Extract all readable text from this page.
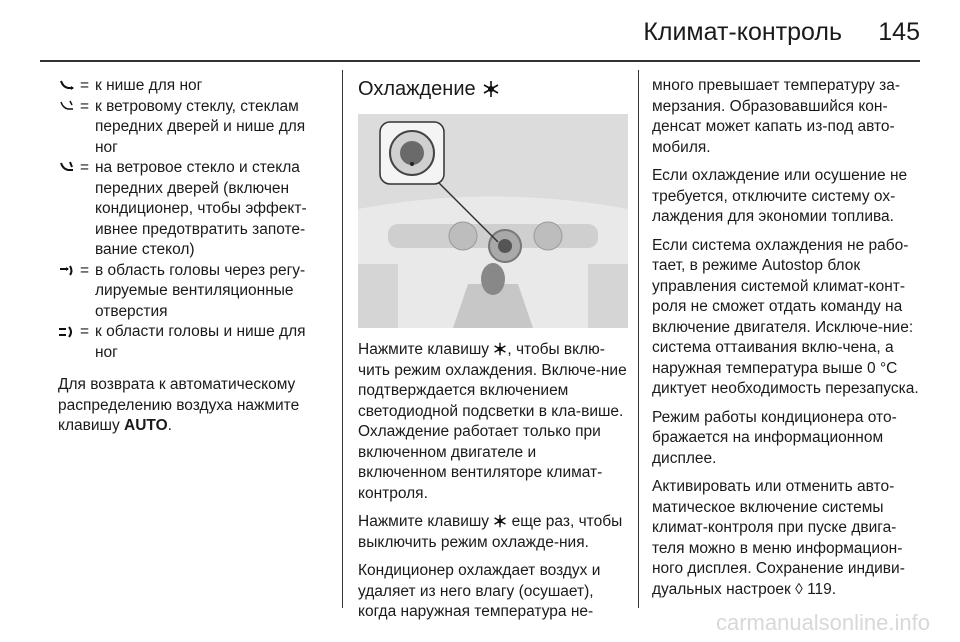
Климат-контроль 145
= к нише для ног
= к ветровому стеклу, стеклам передних дверей и нише для ног
= на ветровое стекло и стекла передних дверей (включен кондиционер, чтобы эффект-ивнее предотвратить запоте-вание стекол)
= в область головы через регу-лируемые вентиляционные отверстия
= к области головы и нише для ног

Для возврата к автоматическому распределению воздуха нажмите клавишу AUTO.

Охлаждение

Нажмите клавишу , чтобы вклю-чить режим охлаждения. Включе-ние подтверждается включением светодиодной подсветки в кла-више. Охлаждение работает только при включенном двигателе и включенном вентиляторе климат-контроля.

Нажмите клавишу  еще раз, чтобы выключить режим охлажде-ния.

Кондиционер охлаждает воздух и удаляет из него влагу (осушает), когда наружная температура не-

много превышает температуру за-мерзания. Образовавшийся кон-денсат может капать из-под авто-мобиля.

Если охлаждение или осушение не требуется, отключите систему ох-лаждения для экономии топлива.

Если система охлаждения не рабо-тает, в режиме Autostop блок управления системой климат-конт-роля не сможет отдать команду на включение двигателя. Исключе-ние: система оттаивания вклю-чена, а наружная температура выше 0 °C диктует необходимость перезапуска.

Режим работы кондиционера ото-бражается на информационном дисплее.

Активировать или отменить авто-матическое включение системы климат-контроля при пуске двига-теля можно в меню информацион-ного дисплея. Сохранение индиви-дуальных настроек ◊ 119.

carmanualsonline.info
